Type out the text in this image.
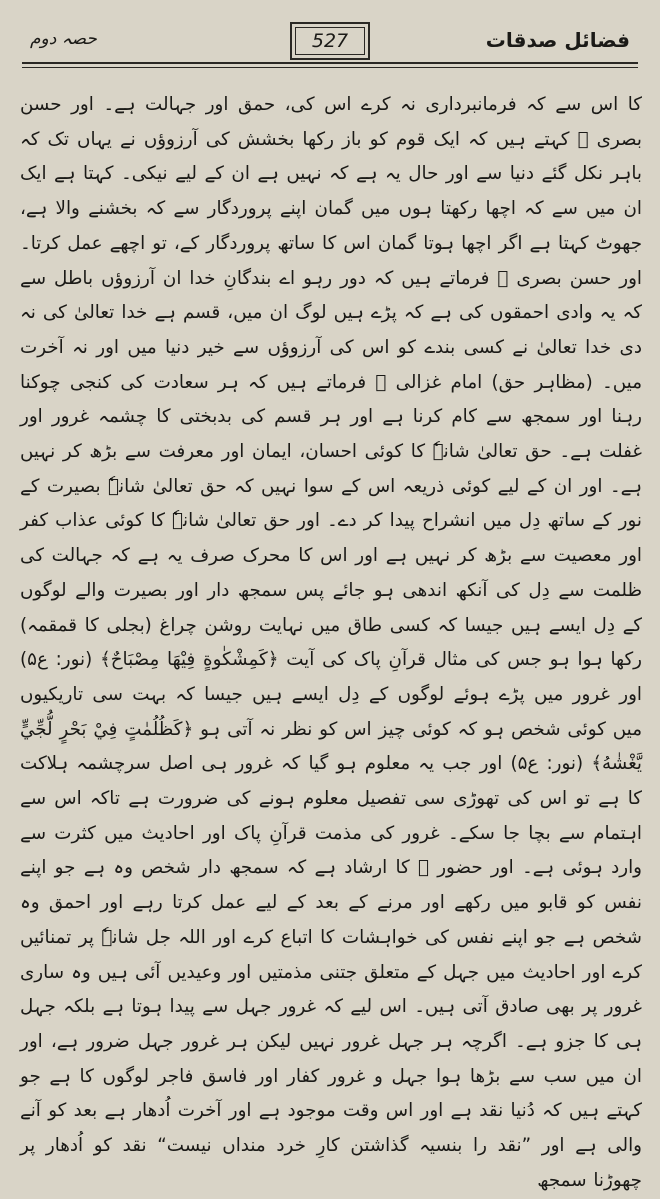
فضائل صدقات
527
حصہ دوم

کا اس سے کہ فرمانبرداری نہ کرے اس کی، حمق اور جہالت ہے۔ اور حسن بصری ﷫ کہتے ہیں کہ ایک قوم کو باز رکھا بخشش کی آرزوؤں نے یہاں تک کہ باہر نکل گئے دنیا سے اور حال یہ ہے کہ نہیں ہے ان کے لیے نیکی۔ کہتا ہے ایک ان میں سے کہ اچھا رکھتا ہوں میں گمان اپنے پروردگار سے کہ بخشنے والا ہے، جھوٹ کہتا ہے اگر اچھا ہوتا گمان اس کا ساتھ پروردگار کے، تو اچھے عمل کرتا۔ اور حسن بصری ﷫ فرماتے ہیں کہ دور رہو اے بندگانِ خدا ان آرزوؤں باطل سے کہ یہ وادی احمقوں کی ہے کہ پڑے ہیں لوگ ان میں، قسم ہے خدا تعالیٰ کی نہ دی خدا تعالیٰ نے کسی بندے کو اس کی آرزوؤں سے خیر دنیا میں اور نہ آخرت میں۔ (مظاہر حق) امام غزالی ﷫ فرماتے ہیں کہ ہر سعادت کی کنجی چوکنا رہنا اور سمجھ سے کام کرنا ہے اور ہر قسم کی بدبختی کا چشمہ غرور اور غفلت ہے۔ حق تعالیٰ شانہٗ کا کوئی احسان، ایمان اور معرفت سے بڑھ کر نہیں ہے۔ اور ان کے لیے کوئی ذریعہ اس کے سوا نہیں کہ حق تعالیٰ شانہٗ بصیرت کے نور کے ساتھ دِل میں انشراح پیدا کر دے۔ اور حق تعالیٰ شانہٗ کا کوئی عذاب کفر اور معصیت سے بڑھ کر نہیں ہے اور اس کا محرک صرف یہ ہے کہ جہالت کی ظلمت سے دِل کی آنکھ اندھی ہو جائے پس سمجھ دار اور بصیرت والے لوگوں کے دِل ایسے ہیں جیسا کہ کسی طاق میں نہایت روشن چراغ (بجلی کا قمقمہ) رکھا ہوا ہو جس کی مثال قرآنِ پاک کی آیت ﴿كَمِشْكٰوةٍ فِيْهَا مِصْبَاحٌ﴾ (نور: ع۵) اور غرور میں پڑے ہوئے لوگوں کے دِل ایسے ہیں جیسا کہ بہت سی تاریکیوں میں کوئی شخص ہو کہ کوئی چیز اس کو نظر نہ آتی ہو ﴿كَظُلُمٰتٍ فِيْ بَحْرٍ لُّجِّيٍّ يَّغْشٰهُ﴾ (نور: ع۵) اور جب یہ معلوم ہو گیا کہ غرور ہی اصل سرچشمہ ہلاکت کا ہے تو اس کی تھوڑی سی تفصیل معلوم ہونے کی ضرورت ہے تاکہ اس سے اہتمام سے بچا جا سکے۔ غرور کی مذمت قرآنِ پاک اور احادیث میں کثرت سے وارد ہوئی ہے۔ اور حضور ﷺ کا ارشاد ہے کہ سمجھ دار شخص وہ ہے جو اپنے نفس کو قابو میں رکھے اور مرنے کے بعد کے لیے عمل کرتا رہے اور احمق وہ شخص ہے جو اپنے نفس کی خواہشات کا اتباع کرے اور اللہ جل شانہٗ پر تمنائیں کرے اور احادیث میں جہل کے متعلق جتنی مذمتیں اور وعیدیں آئی ہیں وہ ساری غرور پر بھی صادق آتی ہیں۔ اس لیے کہ غرور جہل سے پیدا ہوتا ہے بلکہ جہل ہی کا جزو ہے۔ اگرچہ ہر جہل غرور نہیں لیکن ہر غرور جہل ضرور ہے، اور ان میں سب سے بڑھا ہوا جہل و غرور کفار اور فاسق فاجر لوگوں کا ہے جو کہتے ہیں کہ دُنیا نقد ہے اور اس وقت موجود ہے اور آخرت اُدھار ہے بعد کو آنے والی ہے اور ”نقد را بنسیہ گذاشتن کارِ خرد منداں نیست“ نقد کو اُدھار پر چھوڑنا سمجھ
